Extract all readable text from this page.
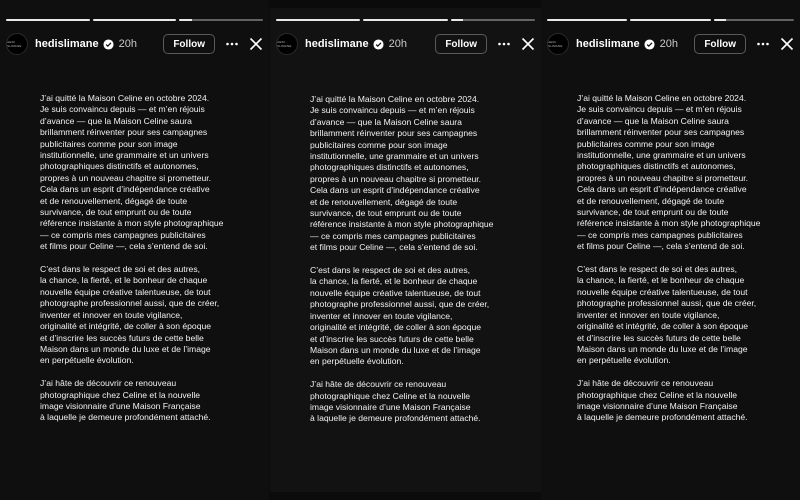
HEDI SLIMANE	hedislimane 20h	Follow

J’ai quitté la Maison Celine en octobre 2024.
Je suis convaincu depuis — et m’en réjouis
d’avance — que la Maison Celine saura
brillamment réinventer pour ses campagnes
publicitaires comme pour son image
institutionnelle, une grammaire et un univers
photographiques distinctifs et autonomes,
propres à un nouveau chapitre si prometteur.
Cela dans un esprit d’indépendance créative
et de renouvellement, dégagé de toute
survivance, de tout emprunt ou de toute
référence insistante à mon style photographique
— ce compris mes campagnes publicitaires
et films pour Celine —, cela s’entend de soi.

C’est dans le respect de soi et des autres,
la chance, la fierté, et le bonheur de chaque
nouvelle équipe créative talentueuse, de tout
photographe professionnel aussi, que de créer,
inventer et innover en toute vigilance,
originalité et intégrité, de coller à son époque
et d’inscrire les succès futurs de cette belle
Maison dans un monde du luxe et de l’image
en perpétuelle évolution.

J’ai hâte de découvrir ce renouveau
photographique chez Celine et la nouvelle
image visionnaire d’une Maison Française
à laquelle je demeure profondément attaché.

HEDI SLIMANE	hedislimane 20h	Follow

J’ai quitté la Maison Celine en octobre 2024.
Je suis convaincu depuis — et m’en réjouis
d’avance — que la Maison Celine saura
brillamment réinventer pour ses campagnes
publicitaires comme pour son image
institutionnelle, une grammaire et un univers
photographiques distinctifs et autonomes,
propres à un nouveau chapitre si prometteur.
Cela dans un esprit d’indépendance créative
et de renouvellement, dégagé de toute
survivance, de tout emprunt ou de toute
référence insistante à mon style photographique
— ce compris mes campagnes publicitaires
et films pour Celine —, cela s’entend de soi.

C’est dans le respect de soi et des autres,
la chance, la fierté, et le bonheur de chaque
nouvelle équipe créative talentueuse, de tout
photographe professionnel aussi, que de créer,
inventer et innover en toute vigilance,
originalité et intégrité, de coller à son époque
et d’inscrire les succès futurs de cette belle
Maison dans un monde du luxe et de l’image
en perpétuelle évolution.

J’ai hâte de découvrir ce renouveau
photographique chez Celine et la nouvelle
image visionnaire d’une Maison Française
à laquelle je demeure profondément attaché.

HEDI SLIMANE	hedislimane 20h	Follow

J’ai quitté la Maison Celine en octobre 2024.
Je suis convaincu depuis — et m’en réjouis
d’avance — que la Maison Celine saura
brillamment réinventer pour ses campagnes
publicitaires comme pour son image
institutionnelle, une grammaire et un univers
photographiques distinctifs et autonomes,
propres à un nouveau chapitre si prometteur.
Cela dans un esprit d’indépendance créative
et de renouvellement, dégagé de toute
survivance, de tout emprunt ou de toute
référence insistante à mon style photographique
— ce compris mes campagnes publicitaires
et films pour Celine —, cela s’entend de soi.

C’est dans le respect de soi et des autres,
la chance, la fierté, et le bonheur de chaque
nouvelle équipe créative talentueuse, de tout
photographe professionnel aussi, que de créer,
inventer et innover en toute vigilance,
originalité et intégrité, de coller à son époque
et d’inscrire les succès futurs de cette belle
Maison dans un monde du luxe et de l’image
en perpétuelle évolution.

J’ai hâte de découvrir ce renouveau
photographique chez Celine et la nouvelle
image visionnaire d’une Maison Française
à laquelle je demeure profondément attaché.
